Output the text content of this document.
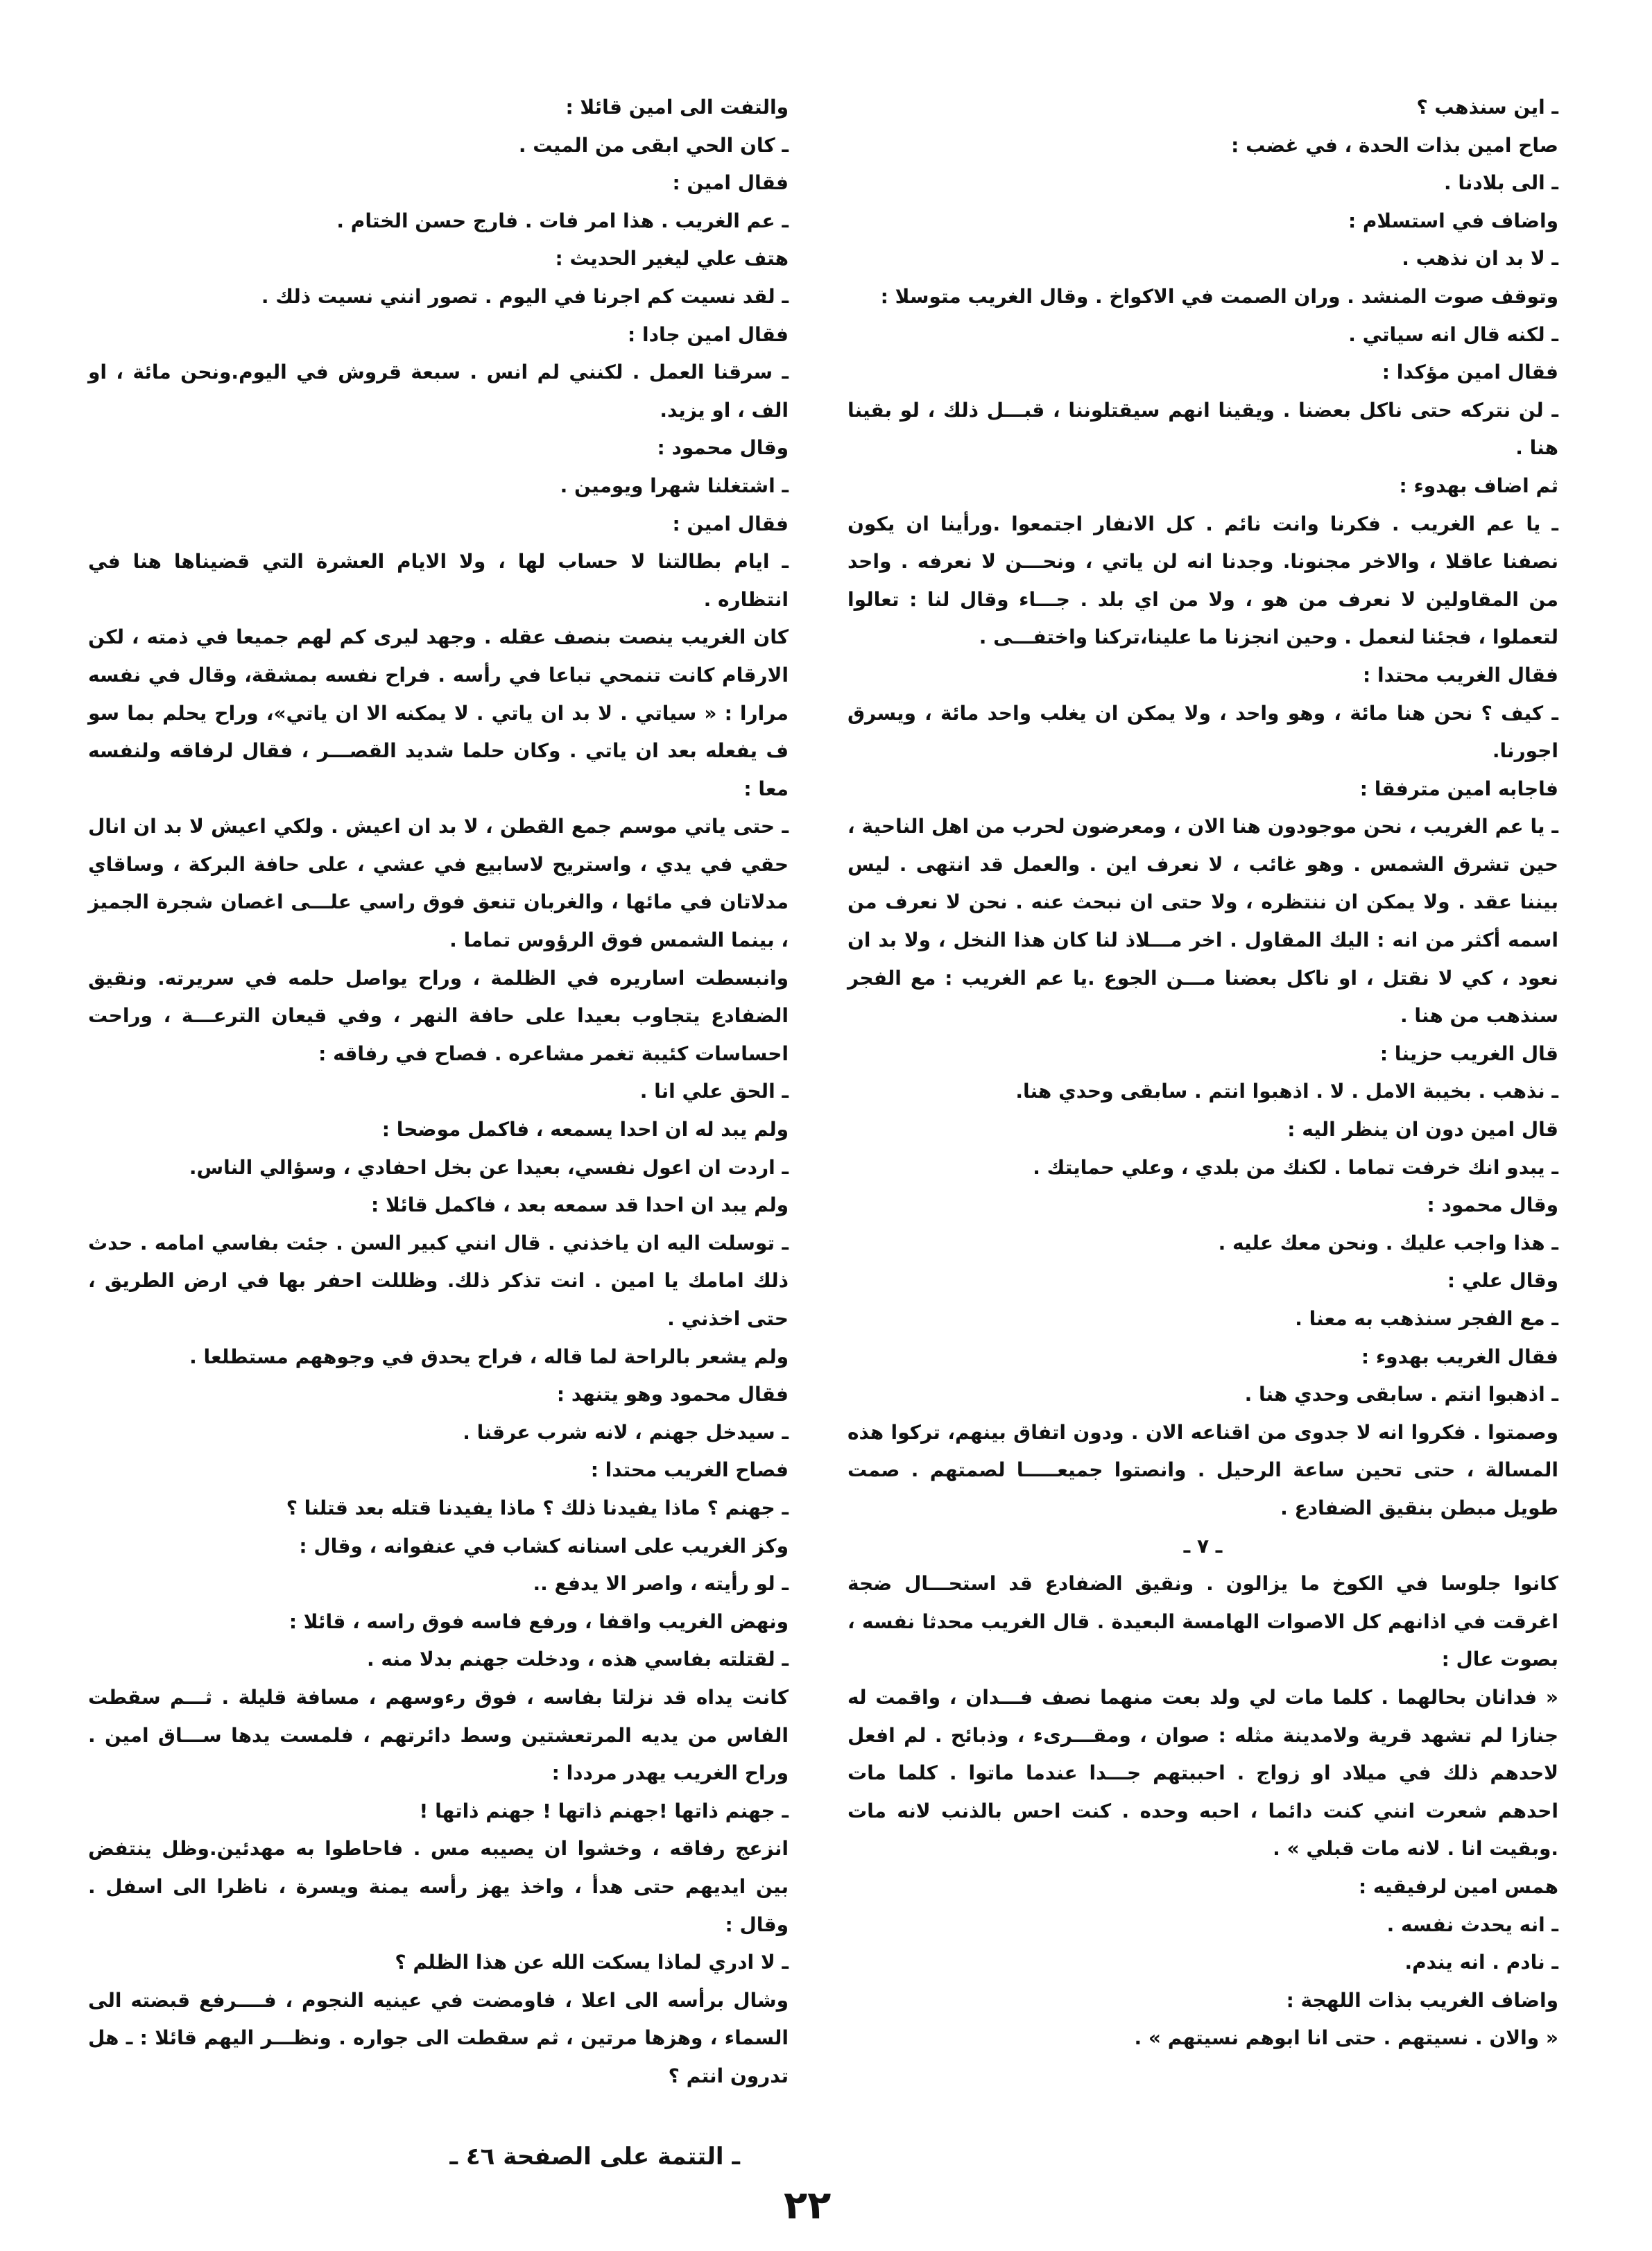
ـ اين سنذهب ؟

صاح امين بذات الحدة ، في غضب :

ـ الى بلادنا .

واضاف في استسلام :

ـ لا بد ان نذهب .

وتوقف صوت المنشد . وران الصمت في الاكواخ . وقال الغريب متوسلا :

ـ لكنه قال انه سياتي .

فقال امين مؤكدا :

ـ لن نتركه حتى ناكل بعضنا . ويقينا انهم سيقتلوننا ، قبـــل ذلك ، لو بقينا هنا .

ثم اضاف بهدوء :

ـ يا عم الغريب . فكرنا وانت نائم . كل الانفار اجتمعوا .ورأينا ان يكون نصفنا عاقلا ، والاخر مجنونا. وجدنا انه لن ياتي ، ونحـــن لا نعرفه . واحد من المقاولين لا نعرف من هو ، ولا من اي بلد . جـــاء وقال لنا : تعالوا لتعملوا ، فجئنا لنعمل . وحين انجزنا ما علينا،تركنا واختفـــى .

فقال الغريب محتدا :

ـ كيف ؟ نحن هنا مائة ، وهو واحد ، ولا يمكن ان يغلب واحد مائة ، ويسرق اجورنا.

فاجابه امين مترفقا :

ـ يا عم الغريب ، نحن موجودون هنا الان ، ومعرضون لحرب من اهل الناحية ، حين تشرق الشمس . وهو غائب ، لا نعرف اين . والعمل قد انتهى . ليس بيننا عقد . ولا يمكن ان ننتظره ، ولا حتى ان نبحث عنه . نحن لا نعرف من اسمه أكثر من انه : اليك المقاول . اخر مـــلاذ لنا كان هذا النخل ، ولا بد ان نعود ، كي لا نقتل ، او ناكل بعضنا مـــن الجوع .يا عم الغريب : مع الفجر سنذهب من هنا .

قال الغريب حزينا :

ـ نذهب . بخيبة الامل . لا . اذهبوا انتم . سابقى وحدي هنا.

قال امين دون ان ينظر اليه :

ـ يبدو انك خرفت تماما . لكنك من بلدي ، وعلي حمايتك .

وقال محمود :

ـ هذا واجب عليك . ونحن معك عليه .

وقال علي :

ـ مع الفجر سنذهب به معنا .

فقال الغريب بهدوء :

ـ اذهبوا انتم . سابقى وحدي هنا .

وصمتوا . فكروا انه لا جدوى من اقناعه الان . ودون اتفاق بينهم، تركوا هذه المسالة ، حتى تحين ساعة الرحيل . وانصتوا جميعـــــا لصمتهم . صمت طويل مبطن بنقيق الضفادع .

ـ ٧ ـ

كانوا جلوسا في الكوخ ما يزالون . ونقيق الضفادع قد استحـــال ضجة اغرقت في اذانهم كل الاصوات الهامسة البعيدة . قال الغريب محدثا نفسه ، بصوت عال :

« فدانان بحالهما . كلما مات لي ولد بعت منهما نصف فـــدان ، واقمت له جنازا لم تشهد قرية ولامدينة مثله : صوان ، ومقـــرىء ، وذبائح . لم افعل لاحدهم ذلك في ميلاد او زواج . احببتهم جـــدا عندما ماتوا . كلما مات احدهم شعرت انني كنت دائما ، احبه وحده . كنت احس بالذنب لانه مات .وبقيت انا . لانه مات قبلي » .

همس امين لرفيقيه :

ـ انه يحدث نفسه .

ـ نادم . انه يندم.

واضاف الغريب بذات اللهجة :

« والان . نسيتهم . حتى انا ابوهم نسيتهم » .

والتفت الى امين قائلا :

ـ كان الحي ابقى من الميت .

فقال امين :

ـ عم الغريب . هذا امر فات . فارج حسن الختام .

هتف علي ليغير الحديث :

ـ لقد نسيت كم اجرنا في اليوم . تصور انني نسيت ذلك .

فقال امين جادا :

ـ سرقنا العمل . لكنني لم انس . سبعة قروش في اليوم.ونحن مائة ، او الف ، او يزيد.

وقال محمود :

ـ اشتغلنا شهرا ويومين .

فقال امين :

ـ ايام بطالتنا لا حساب لها ، ولا الايام العشرة التي قضيناها هنا في انتظاره .

كان الغريب ينصت بنصف عقله . وجهد ليرى كم لهم جميعا في ذمته ، لكن الارقام كانت تنمحي تباعا في رأسه . فراح نفسه بمشقة، وقال في نفسه مرارا : « سياتي . لا بد ان ياتي . لا يمكنه الا ان ياتي»، وراح يحلم بما سو ف يفعله بعد ان ياتي . وكان حلما شديد القصـــر ، فقال لرفاقه ولنفسه معا :

ـ حتى ياتي موسم جمع القطن ، لا بد ان اعيش . ولكي اعيش لا بد ان انال حقي في يدي ، واستريح لاسابيع في عشي ، على حافة البركة ، وساقاي مدلاتان في مائها ، والغربان تنعق فوق راسي علـــى اغصان شجرة الجميز ، بينما الشمس فوق الرؤوس تماما .

وانبسطت اساريره في الظلمة ، وراح يواصل حلمه في سريرته. ونقيق الضفادع يتجاوب بعيدا على حافة النهر ، وفي قيعان الترعـــة ، وراحت احساسات كئيبة تغمر مشاعره . فصاح في رفاقه :

ـ الحق علي انا .

ولم يبد له ان احدا يسمعه ، فاكمل موضحا :

ـ اردت ان اعول نفسي، بعيدا عن بخل احفادي ، وسؤالي الناس.

ولم يبد ان احدا قد سمعه بعد ، فاكمل قائلا :

ـ توسلت اليه ان ياخذني . قال انني كبير السن . جئت بفاسي امامه . حدث ذلك امامك يا امين . انت تذكر ذلك. وظللت احفر بها في ارض الطريق ، حتى اخذني .

ولم يشعر بالراحة لما قاله ، فراح يحدق في وجوههم مستطلعا .

فقال محمود وهو يتنهد :

ـ سيدخل جهنم ، لانه شرب عرقنا .

فصاح الغريب محتدا :

ـ جهنم ؟ ماذا يفيدنا ذلك ؟ ماذا يفيدنا قتله بعد قتلنا ؟

وكز الغريب على اسنانه كشاب في عنفوانه ، وقال :

ـ لو رأيته ، واصر الا يدفع ..

ونهض الغريب واقفا ، ورفع فاسه فوق راسه ، قائلا :

ـ لقتلته بفاسي هذه ، ودخلت جهنم بدلا منه .

كانت يداه قد نزلتا بفاسه ، فوق رءوسهم ، مسافة قليلة . ثـــم سقطت الفاس من يديه المرتعشتين وسط دائرتهم ، فلمست يدها ســـاق امين . وراح الغريب يهدر مرددا :

ـ جهنم ذاتها !جهنم ذاتها ! جهنم ذاتها !

انزعج رفاقه ، وخشوا ان يصيبه مس . فاحاطوا به مهدئين.وظل ينتفض بين ايديهم حتى هدأ ، واخذ يهز رأسه يمنة ويسرة ، ناظرا الى اسفل . وقال :

ـ لا ادري لماذا يسكت الله عن هذا الظلم ؟

وشال برأسه الى اعلا ، فاومضت في عينيه النجوم ، فــــرفع قبضته الى السماء ، وهزها مرتين ، ثم سقطت الى جواره . ونظـــر اليهم قائلا : ـ هل تدرون انتم ؟

ـ التتمة على الصفحة ٤٦ ـ
٢٢
